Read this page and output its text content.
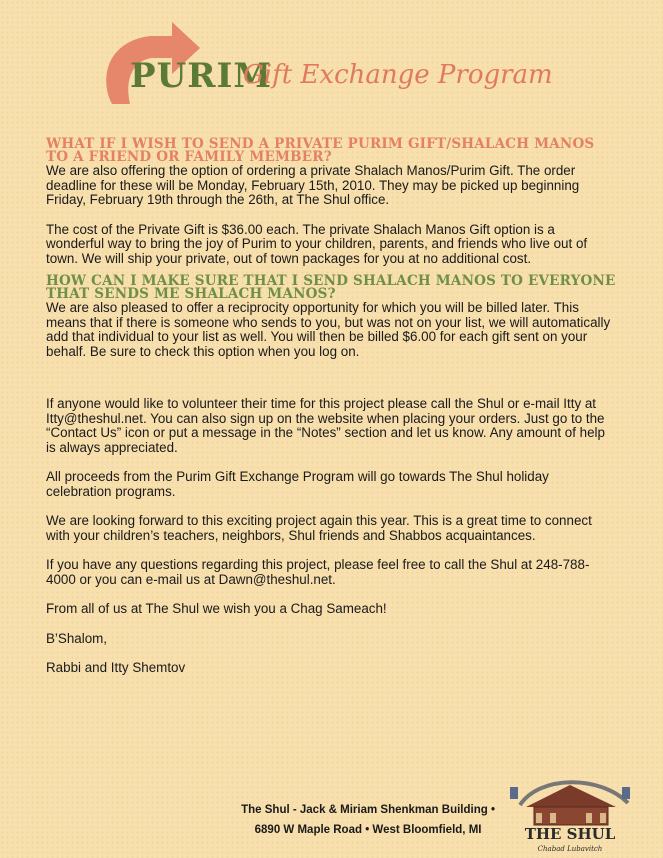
PURIM
Gift Exchange Program
WHAT IF I WISH TO SEND A PRIVATE PURIM GIFT/SHALACH MANOS TO A FRIEND OR FAMILY MEMBER?

We are also offering the option of ordering a private Shalach Manos/Purim Gift. The order deadline for these will be Monday, February 15th, 2010. They may be picked up beginning Friday, February 19th through the 26th, at The Shul office.

The cost of the Private Gift is $36.00 each. The private Shalach Manos Gift option is a wonderful way to bring the joy of Purim to your children, parents, and friends who live out of town. We will ship your private, out of town packages for you at no additional cost.

HOW CAN I MAKE SURE THAT I SEND SHALACH MANOS TO EVERYONE THAT SENDS ME SHALACH MANOS?

We are also pleased to offer a reciprocity opportunity for which you will be billed later. This means that if there is someone who sends to you, but was not on your list, we will automatically add that individual to your list as well. You will then be billed $6.00 for each gift sent on your behalf. Be sure to check this option when you log on.

If anyone would like to volunteer their time for this project please call the Shul or e-mail Itty at Itty@theshul.net. You can also sign up on the website when placing your orders. Just go to the “Contact Us” icon or put a message in the “Notes” section and let us know. Any amount of help is always appreciated.

All proceeds from the Purim Gift Exchange Program will go towards The Shul holiday celebration programs.

We are looking forward to this exciting project again this year. This is a great time to connect with your children’s teachers, neighbors, Shul friends and Shabbos acquaintances.

If you have any questions regarding this project, please feel free to call the Shul at 248-788-4000 or you can e-mail us at Dawn@theshul.net.

From all of us at The Shul we wish you a Chag Sameach!

B’Shalom,

Rabbi and Itty Shemtov

The Shul - Jack & Miriam Shenkman Building •
6890 W Maple Road • West Bloomfield, MI	THE SHUL
Chabad Lubavitch
